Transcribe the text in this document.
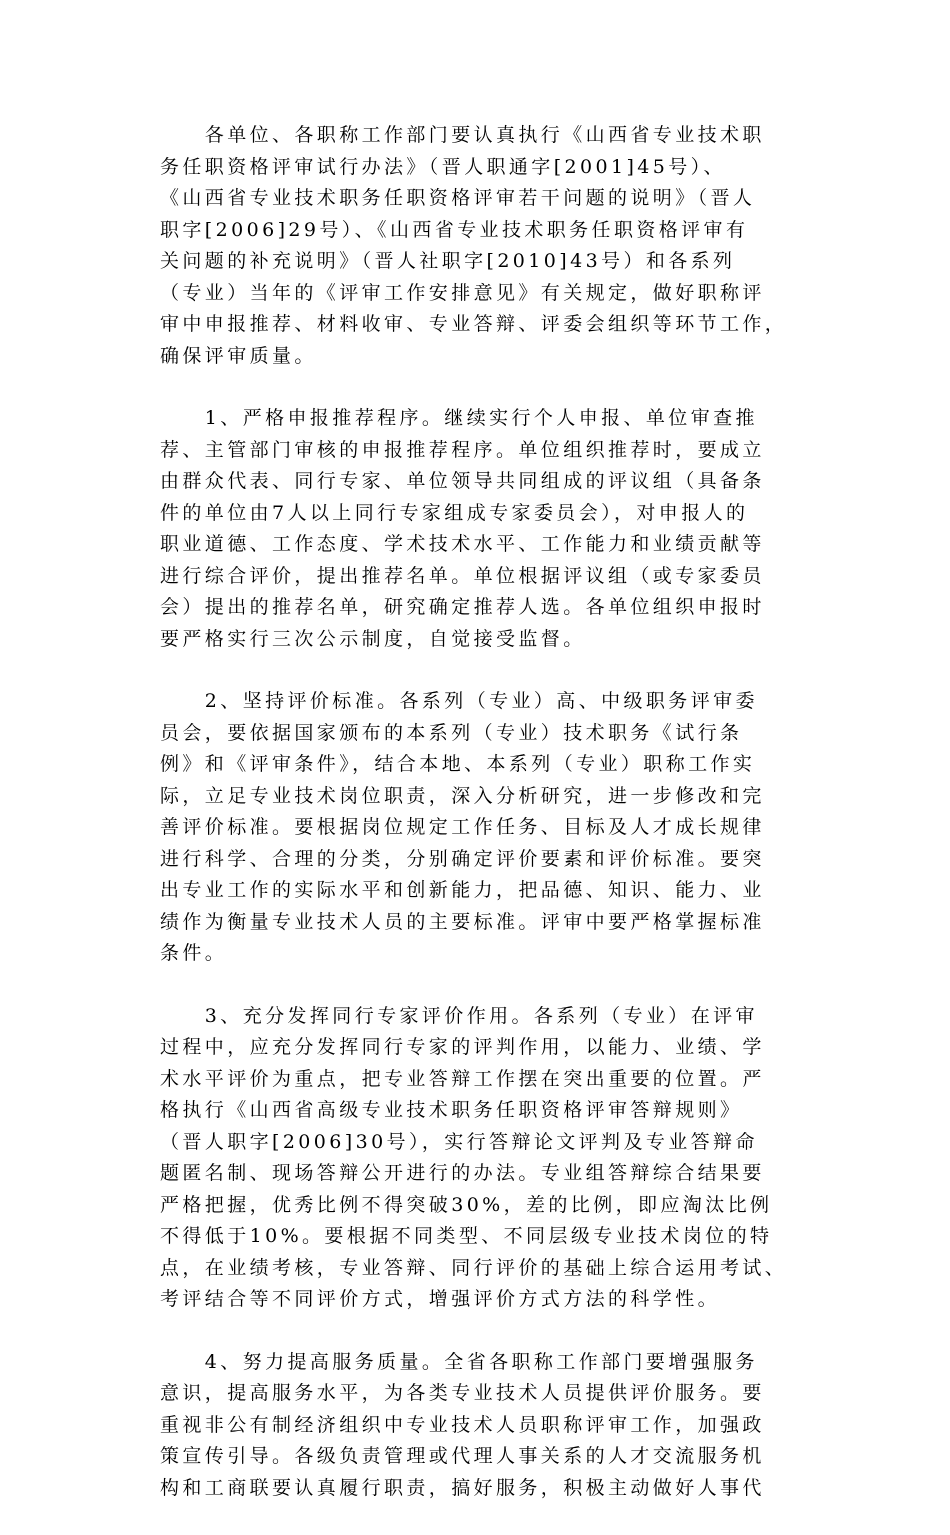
　　各单位、各职称工作部门要认真执行《山西省专业技术职
务任职资格评审试行办法》（晋人职通字[2001]45号）、
《山西省专业技术职务任职资格评审若干问题的说明》（晋人
职字[2006]29号）、《山西省专业技术职务任职资格评审有
关问题的补充说明》（晋人社职字[2010]43号）和各系列
（专业）当年的《评审工作安排意见》有关规定，做好职称评
审中申报推荐、材料收审、专业答辩、评委会组织等环节工作，
确保评审质量。
　　1、严格申报推荐程序。继续实行个人申报、单位审查推
荐、主管部门审核的申报推荐程序。单位组织推荐时，要成立
由群众代表、同行专家、单位领导共同组成的评议组（具备条
件的单位由7人以上同行专家组成专家委员会），对申报人的
职业道德、工作态度、学术技术水平、工作能力和业绩贡献等
进行综合评价，提出推荐名单。单位根据评议组（或专家委员
会）提出的推荐名单，研究确定推荐人选。各单位组织申报时
要严格实行三次公示制度，自觉接受监督。
　　2、坚持评价标准。各系列（专业）高、中级职务评审委
员会，要依据国家颁布的本系列（专业）技术职务《试行条
例》和《评审条件》，结合本地、本系列（专业）职称工作实
际，立足专业技术岗位职责，深入分析研究，进一步修改和完
善评价标准。要根据岗位规定工作任务、目标及人才成长规律
进行科学、合理的分类，分别确定评价要素和评价标准。要突
出专业工作的实际水平和创新能力，把品德、知识、能力、业
绩作为衡量专业技术人员的主要标准。评审中要严格掌握标准
条件。
　　3、充分发挥同行专家评价作用。各系列（专业）在评审
过程中，应充分发挥同行专家的评判作用，以能力、业绩、学
术水平评价为重点，把专业答辩工作摆在突出重要的位置。严
格执行《山西省高级专业技术职务任职资格评审答辩规则》
（晋人职字[2006]30号），实行答辩论文评判及专业答辩命
题匿名制、现场答辩公开进行的办法。专业组答辩综合结果要
严格把握，优秀比例不得突破30%，差的比例，即应淘汰比例
不得低于10%。要根据不同类型、不同层级专业技术岗位的特
点，在业绩考核，专业答辩、同行评价的基础上综合运用考试、
考评结合等不同评价方式，增强评价方式方法的科学性。
　　4、努力提高服务质量。全省各职称工作部门要增强服务
意识，提高服务水平，为各类专业技术人员提供评价服务。要
重视非公有制经济组织中专业技术人员职称评审工作，加强政
策宣传引导。各级负责管理或代理人事关系的人才交流服务机
构和工商联要认真履行职责，搞好服务，积极主动做好人事代
